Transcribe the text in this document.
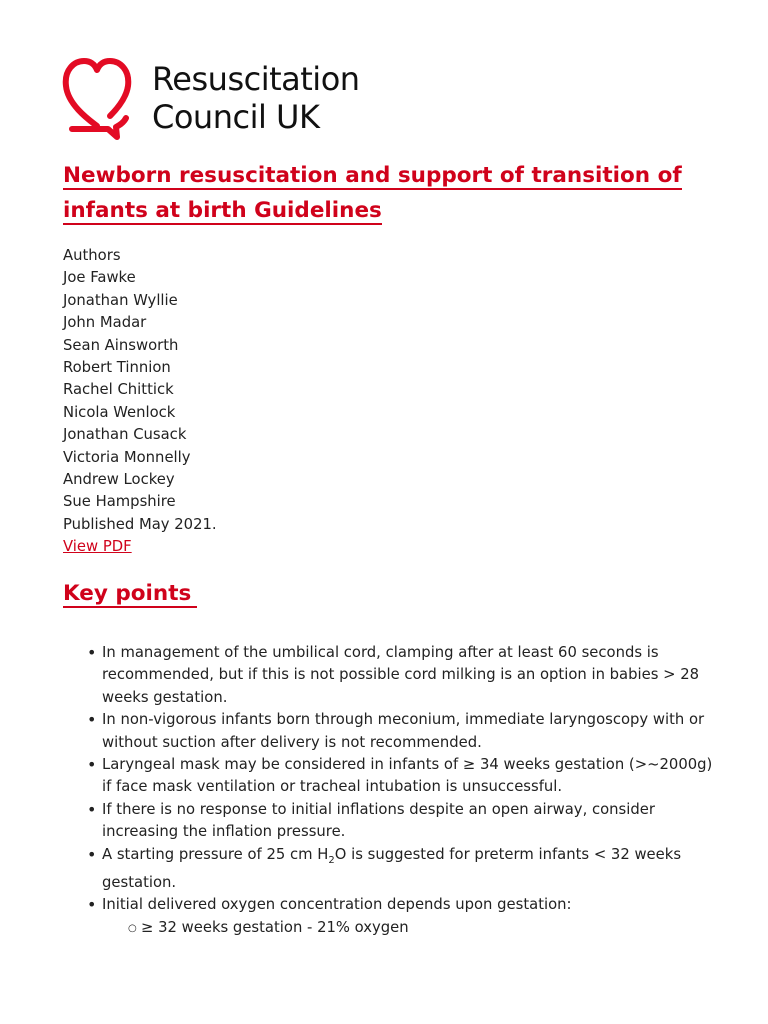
Resuscitation
Council UK
Newborn resuscitation and support of transition of infants at birth Guidelines
Authors
Joe Fawke
Jonathan Wyllie
John Madar
Sean Ainsworth
Robert Tinnion
Rachel Chittick
Nicola Wenlock
Jonathan Cusack
Victoria Monnelly
Andrew Lockey
Sue Hampshire
Published May 2021.
View PDF
Key points
• In management of the umbilical cord, clamping after at least 60 seconds is recommended, but if this is not possible cord milking is an option in babies > 28 weeks gestation.
• In non-vigorous infants born through meconium, immediate laryngoscopy with or without suction after delivery is not recommended.
• Laryngeal mask may be considered in infants of ≥ 34 weeks gestation (>~2000g) if face mask ventilation or tracheal intubation is unsuccessful.
• If there is no response to initial inflations despite an open airway, consider increasing the inflation pressure.
• A starting pressure of 25 cm $H_2O$ is suggested for preterm infants < 32 weeks gestation.
• Initial delivered oxygen concentration depends upon gestation:
○ ≥ 32 weeks gestation - 21% oxygen
